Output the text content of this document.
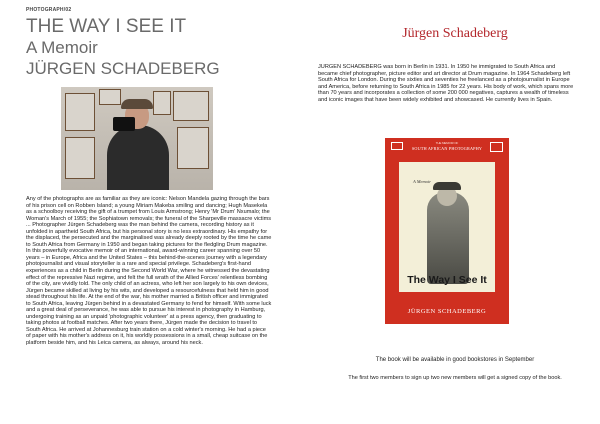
PHOTOGRAPH/02
THE WAY I SEE IT
A Memoir
JÜRGEN SCHADEBERG

Any of the photographs are as familiar as they are iconic: Nelson Mandela gazing through the bars of his prison cell on Robben Island; a young Miriam Makeba smiling and dancing; Hugh Masekela as a schoolboy receiving the gift of a trumpet from Louis Armstrong; Henry 'Mr Drum' Nxumalo; the Woman's March of 1955; the Sophiatown removals; the funeral of the Sharpeville massacre victims ... Photographer Jürgen Schadeberg was the man behind the camera, recording history as it unfolded in apartheid South Africa, but his personal story is no less extraordinary. His empathy for the displaced, the persecuted and the marginalised was already deeply rooted by the time he came to South Africa from Germany in 1950 and began taking pictures for the fledgling Drum magazine. In this powerfully evocative memoir of an international, award-winning career spanning over 50 years – in Europe, Africa and the United States – this behind-the-scenes journey with a legendary photojournalist and visual storyteller is a rare and special privilege. Schadeberg's first-hand experiences as a child in Berlin during the Second World War, where he witnessed the devastating effect of the repressive Nazi regime, and felt the full wrath of the Allied Forces' relentless bombing of the city, are vividly told. The only child of an actress, who left her son largely to his own devices, Jürgen became skilled at living by his wits, and developed a resourcefulness that held him in good stead throughout his life. At the end of the war, his mother married a British officer and immigrated to South Africa, leaving Jürgen behind in a devastated Germany to fend for himself. With some luck and a great deal of perseverance, he was able to pursue his interest in photography in Hamburg, undergoing training as an unpaid 'photographic volunteer' at a press agency, then graduating to taking photos at football matches. After two years there, Jürgen made the decision to travel to South Africa. He arrived at Johannesburg train station on a cold winter's morning. He had a piece of paper with his mother's address on it, his worldly possessions in a small, cheap suitcase on the platform beside him, and his Leica camera, as always, around his neck.

Jürgen Schadeberg

JURGEN SCHADEBERG was born in Berlin in 1931. In 1950 he immigrated to South Africa and became chief photographer, picture editor and art director at Drum magazine. In 1964 Schadeberg left South Africa for London. During the sixties and seventies he freelanced as a photojournalist in Europe and America, before returning to South Africa in 1985 for 22 years. His body of work, which spans more than 70 years and incorporates a collection of some 200 000 negatives, captures a wealth of timeless and iconic images that have been widely exhibited and showcased. He currently lives in Spain.

THE MEMOIR OF
SOUTH AFRICAN PHOTOGRAPHY
A Memoir
The Way I See It
JÜRGEN SCHADEBERG

The book will be available in good bookstores in September

The first two members to sign up two new members will get a signed copy of the book.
